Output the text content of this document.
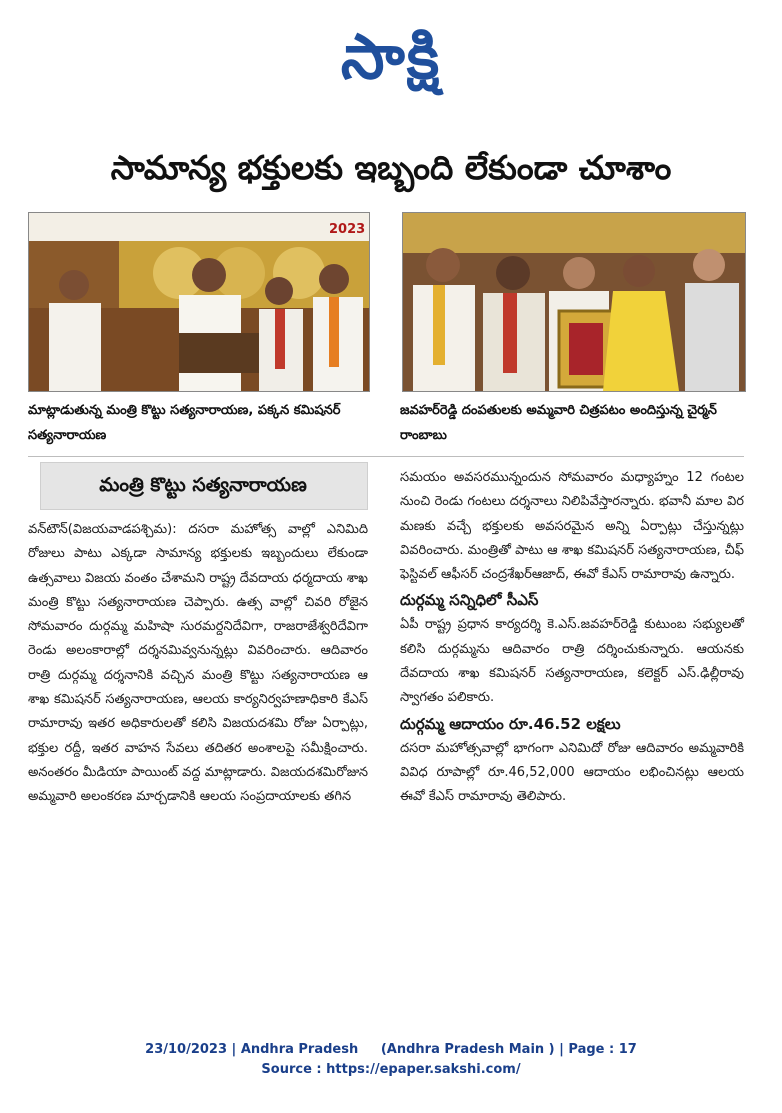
సాక్షి
సామాన్య భక్తులకు ఇబ్బంది లేకుండా చూశాం
2023
మాట్లాడుతున్న మంత్రి కొట్టు సత్యనారాయణ, పక్కన కమిషనర్ సత్యనారాయణ
జవహర్‌రెడ్డి దంపతులకు అమ్మవారి చిత్రపటం అందిస్తున్న చైర్మన్ రాంబాబు
మంత్రి కొట్టు సత్యనారాయణ

వన్‌టౌన్(విజయవాడపశ్చిమ): దసరా మహోత్స వాల్లో ఎనిమిది రోజులు పాటు ఎక్కడా సామాన్య భక్తులకు ఇబ్బందులు లేకుండా ఉత్సవాలు విజయ వంతం చేశామని రాష్ట్ర దేవదాయ ధర్మదాయ శాఖ మంత్రి కొట్టు సత్యనారాయణ చెప్పారు. ఉత్స వాల్లో చివరి రోజైన సోమవారం దుర్గమ్మ మహిషా సురమర్దనిదేవిగా, రాజరాజేశ్వరిదేవిగా రెండు అలంకారాల్లో దర్శనమివ్వనున్నట్లు వివరించారు. ఆదివారం రాత్రి దుర్గమ్మ దర్శనానికి వచ్చిన మంత్రి కొట్టు సత్యనారాయణ ఆ శాఖ కమిషనర్ సత్యనారాయణ, ఆలయ కార్యనిర్వహణాధికారి కేఎస్ రామారావు ఇతర అధికారులతో కలిసి విజయదశమి రోజు ఏర్పాట్లు, భక్తుల రద్దీ, ఇతర వాహన సేవలు తదితర అంశాలపై సమీక్షించారు. అనంతరం మీడియా పాయింట్ వద్ద మాట్లాడారు. విజయదశమిరోజున అమ్మవారి అలంకరణ మార్చడానికి ఆలయ సంప్రదాయాలకు తగిన

సమయం అవసరమున్నందున సోమవారం మధ్యాహ్నం 12 గంటల నుంచి రెండు గంటలు దర్శనాలు నిలిపివేస్తారన్నారు. భవానీ మాల విర మణకు వచ్చే భక్తులకు అవసరమైన అన్ని ఏర్పాట్లు చేస్తున్నట్లు వివరించారు. మంత్రితో పాటు ఆ శాఖ కమిషనర్ సత్యనారాయణ, చీఫ్ ఫెస్టివల్ ఆఫీసర్ చంద్రశేఖర్‌ఆజాద్, ఈవో కేఎస్ రామారావు ఉన్నారు.

దుర్గమ్మ సన్నిధిలో సీఎస్

ఏపీ రాష్ట్ర ప్రధాన కార్యదర్శి కె.ఎస్.జవహర్‌రెడ్డి కుటుంబ సభ్యులతో కలిసి దుర్గమ్మను ఆదివారం రాత్రి దర్శించుకున్నారు. ఆయనకు దేవదాయ శాఖ కమిషనర్ సత్యనారాయణ, కలెక్టర్ ఎస్.ఢిల్లీరావు స్వాగతం పలికారు.

దుర్గమ్మ ఆదాయం రూ.46.52 లక్షలు

దసరా మహోత్సవాల్లో భాగంగా ఎనిమిదో రోజు ఆదివారం అమ్మవారికి వివిధ రూపాల్లో రూ.46,52,000 ఆదాయం లభించినట్లు ఆలయ ఈవో కేఎస్ రామారావు తెలిపారు.

23/10/2023 | Andhra Pradesh     (Andhra Pradesh Main ) | Page : 17
Source : https://epaper.sakshi.com/
